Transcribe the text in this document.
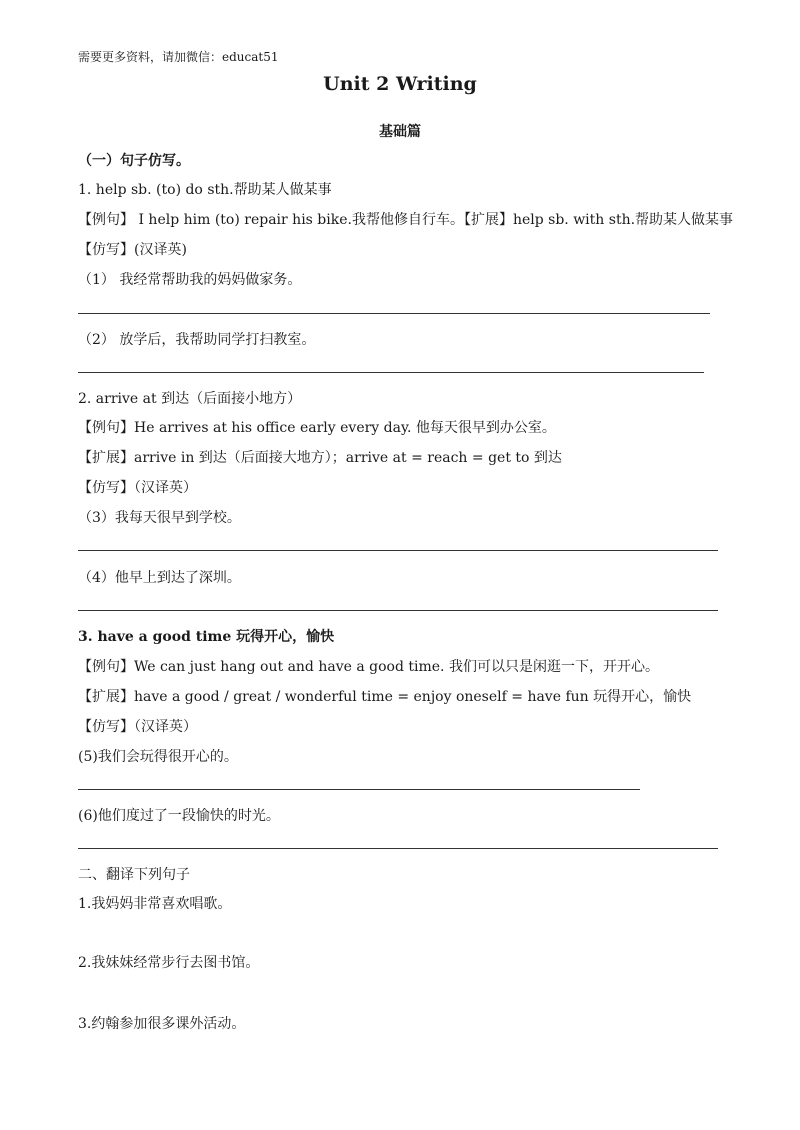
需要更多资料，请加微信：educat51
Unit 2 Writing
基础篇
（一）句子仿写。
1. help sb. (to) do sth.帮助某人做某事
【例句】 I help him (to) repair his bike.我帮他修自行车。【扩展】help sb. with sth.帮助某人做某事
【仿写】(汉译英)
（1） 我经常帮助我的妈妈做家务。
（2） 放学后，我帮助同学打扫教室。
2. arrive at 到达（后面接小地方）
【例句】He arrives at his office early every day. 他每天很早到办公室。
【扩展】arrive in 到达（后面接大地方）；arrive at = reach = get to 到达
【仿写】（汉译英）
（3）我每天很早到学校。
（4）他早上到达了深圳。
3. have a good time 玩得开心，愉快
【例句】We can just hang out and have a good time. 我们可以只是闲逛一下，开开心。
【扩展】have a good / great / wonderful time = enjoy oneself = have fun 玩得开心，愉快
【仿写】（汉译英）
(5)我们会玩得很开心的。
(6)他们度过了一段愉快的时光。
二、翻译下列句子
1.我妈妈非常喜欢唱歌。
2.我妹妹经常步行去图书馆。
3.约翰参加很多课外活动。
